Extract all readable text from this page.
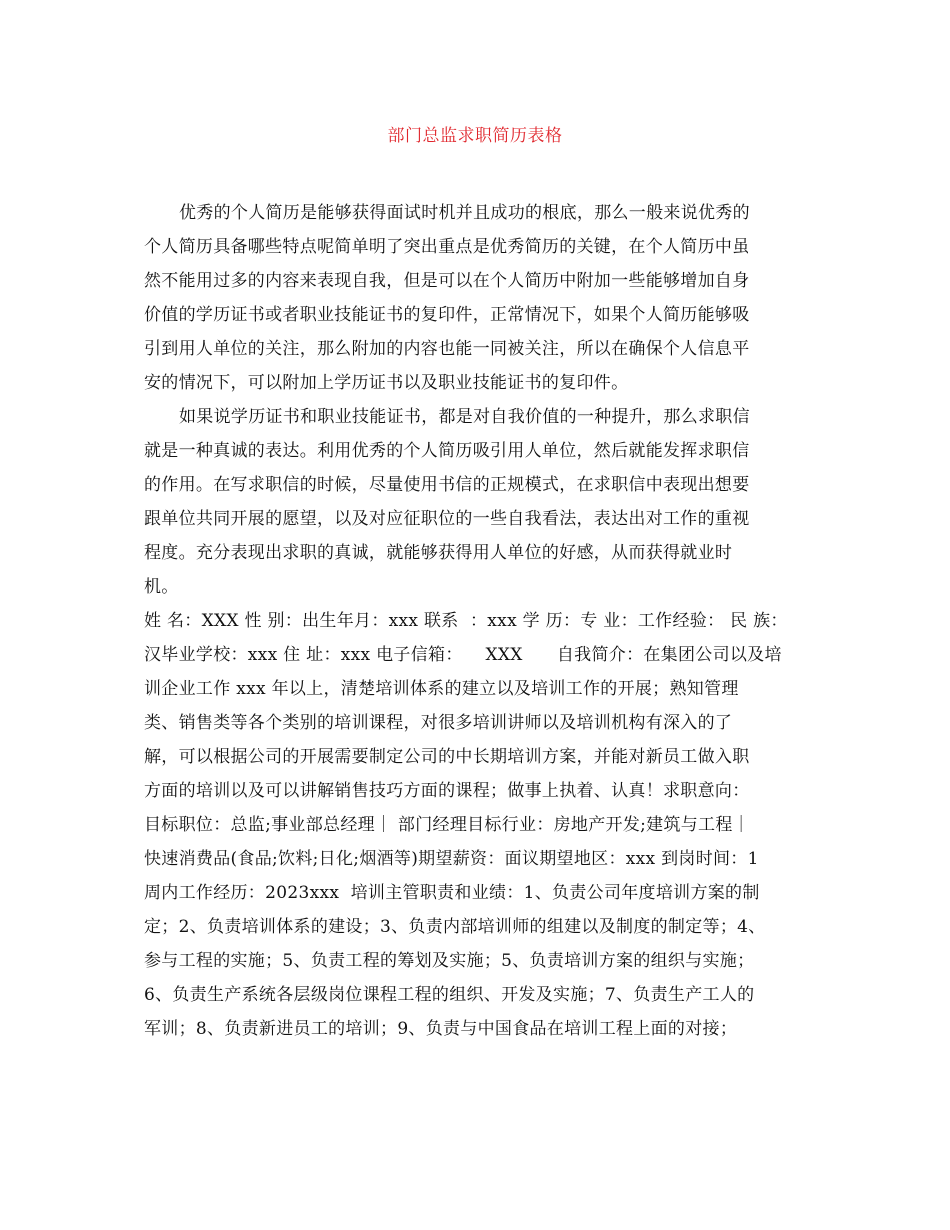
部门总监求职简历表格
优秀的个人简历是能够获得面试时机并且成功的根底，那么一般来说优秀的
个人简历具备哪些特点呢简单明了突出重点是优秀简历的关键，在个人简历中虽
然不能用过多的内容来表现自我，但是可以在个人简历中附加一些能够增加自身
价值的学历证书或者职业技能证书的复印件，正常情况下，如果个人简历能够吸
引到用人单位的关注，那么附加的内容也能一同被关注，所以在确保个人信息平
安的情况下，可以附加上学历证书以及职业技能证书的复印件。
如果说学历证书和职业技能证书，都是对自我价值的一种提升，那么求职信
就是一种真诚的表达。利用优秀的个人简历吸引用人单位，然后就能发挥求职信
的作用。在写求职信的时候，尽量使用书信的正规模式，在求职信中表现出想要
跟单位共同开展的愿望，以及对应征职位的一些自我看法，表达出对工作的重视
程度。充分表现出求职的真诚，就能够获得用人单位的好感，从而获得就业时
机。
姓 名：XXX 性 别：出生年月：xxx 联系  ：xxx 学 历：专 业：工作经验： 民 族：
汉毕业学校：xxx 住 址：xxx 电子信箱：    XXX      自我简介：在集团公司以及培
训企业工作 xxx 年以上，清楚培训体系的建立以及培训工作的开展；熟知管理
类、销售类等各个类别的培训课程，对很多培训讲师以及培训机构有深入的了
解，可以根据公司的开展需要制定公司的中长期培训方案，并能对新员工做入职
方面的培训以及可以讲解销售技巧方面的课程；做事上执着、认真！求职意向：
目标职位：总监;事业部总经理｜ 部门经理目标行业：房地产开发;建筑与工程｜
快速消费品(食品;饮料;日化;烟酒等)期望薪资：面议期望地区：xxx 到岗时间：1
周内工作经历：2023xxx  培训主管职责和业绩：1、负责公司年度培训方案的制
定；2、负责培训体系的建设；3、负责内部培训师的组建以及制度的制定等；4、
参与工程的实施；5、负责工程的筹划及实施；5、负责培训方案的组织与实施；
6、负责生产系统各层级岗位课程工程的组织、开发及实施；7、负责生产工人的
军训；8、负责新进员工的培训；9、负责与中国食品在培训工程上面的对接；
